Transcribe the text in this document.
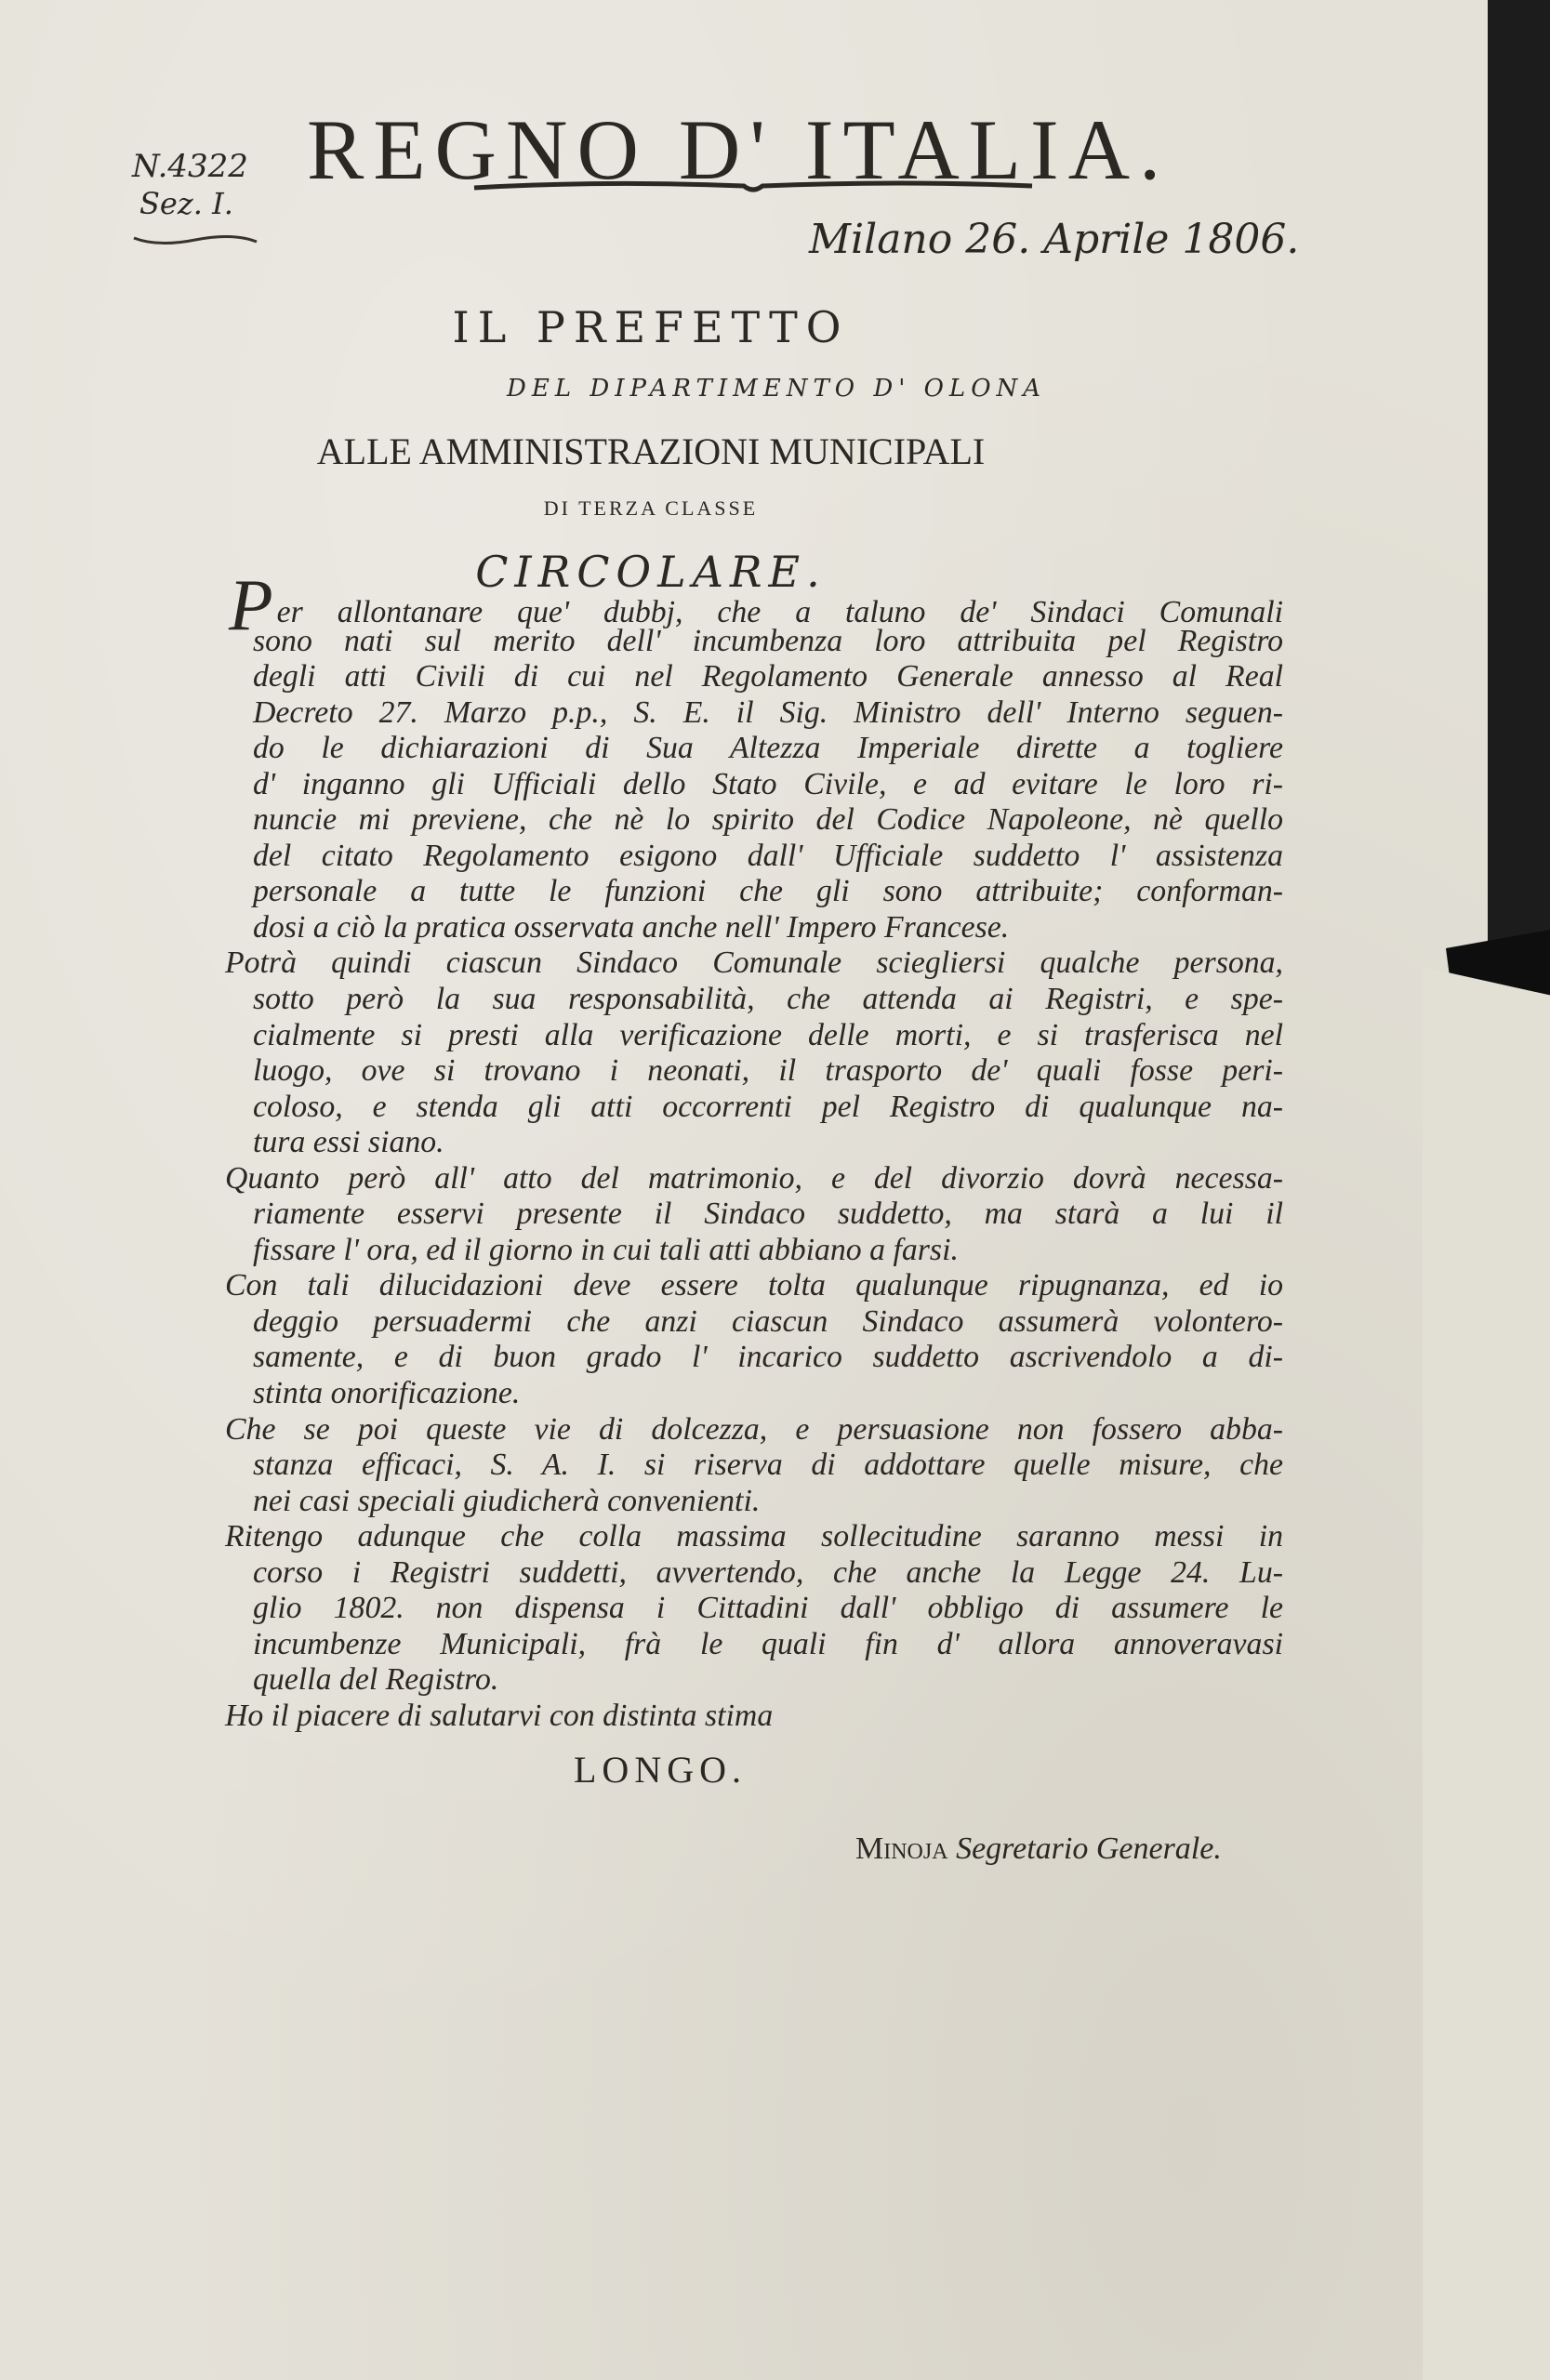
N.4322
Sez. I.
REGNO D' ITALIA.
Milano 26. Aprile 1806.
IL PREFETTO
DEL DIPARTIMENTO D' OLONA
ALLE AMMINISTRAZIONI MUNICIPALI
DI TERZA CLASSE
CIRCOLARE.
Per allontanare que' dubbj, che a taluno de' Sindaci Comunali
sono nati sul merito dell' incumbenza loro attribuita pel Registro
degli atti Civili di cui nel Regolamento Generale annesso al Real
Decreto 27. Marzo p.p., S. E. il Sig. Ministro dell' Interno seguen-
do le dichiarazioni di Sua Altezza Imperiale dirette a togliere
d' inganno gli Ufficiali dello Stato Civile, e ad evitare le loro ri-
nuncie mi previene, che nè lo spirito del Codice Napoleone, nè quello
del citato Regolamento esigono dall' Ufficiale suddetto l' assistenza
personale a tutte le funzioni che gli sono attribuite; conforman-
dosi a ciò la pratica osservata anche nell' Impero Francese.
Potrà quindi ciascun Sindaco Comunale sciegliersi qualche persona,
sotto però la sua responsabilità, che attenda ai Registri, e spe-
cialmente si presti alla verificazione delle morti, e si trasferisca nel
luogo, ove si trovano i neonati, il trasporto de' quali fosse peri-
coloso, e stenda gli atti occorrenti pel Registro di qualunque na-
tura essi siano.
Quanto però all' atto del matrimonio, e del divorzio dovrà necessa-
riamente esservi presente il Sindaco suddetto, ma starà a lui il
fissare l' ora, ed il giorno in cui tali atti abbiano a farsi.
Con tali dilucidazioni deve essere tolta qualunque ripugnanza, ed io
deggio persuadermi che anzi ciascun Sindaco assumerà volontero-
samente, e di buon grado l' incarico suddetto ascrivendolo a di-
stinta onorificazione.
Che se poi queste vie di dolcezza, e persuasione non fossero abba-
stanza efficaci, S. A. I. si riserva di addottare quelle misure, che
nei casi speciali giudicherà convenienti.
Ritengo adunque che colla massima sollecitudine saranno messi in
corso i Registri suddetti, avvertendo, che anche la Legge 24. Lu-
glio 1802. non dispensa i Cittadini dall' obbligo di assumere le
incumbenze Municipali, frà le quali fin d' allora annoveravasi
quella del Registro.
Ho il piacere di salutarvi con distinta stima
LONGO.
Minoja Segretario Generale.
